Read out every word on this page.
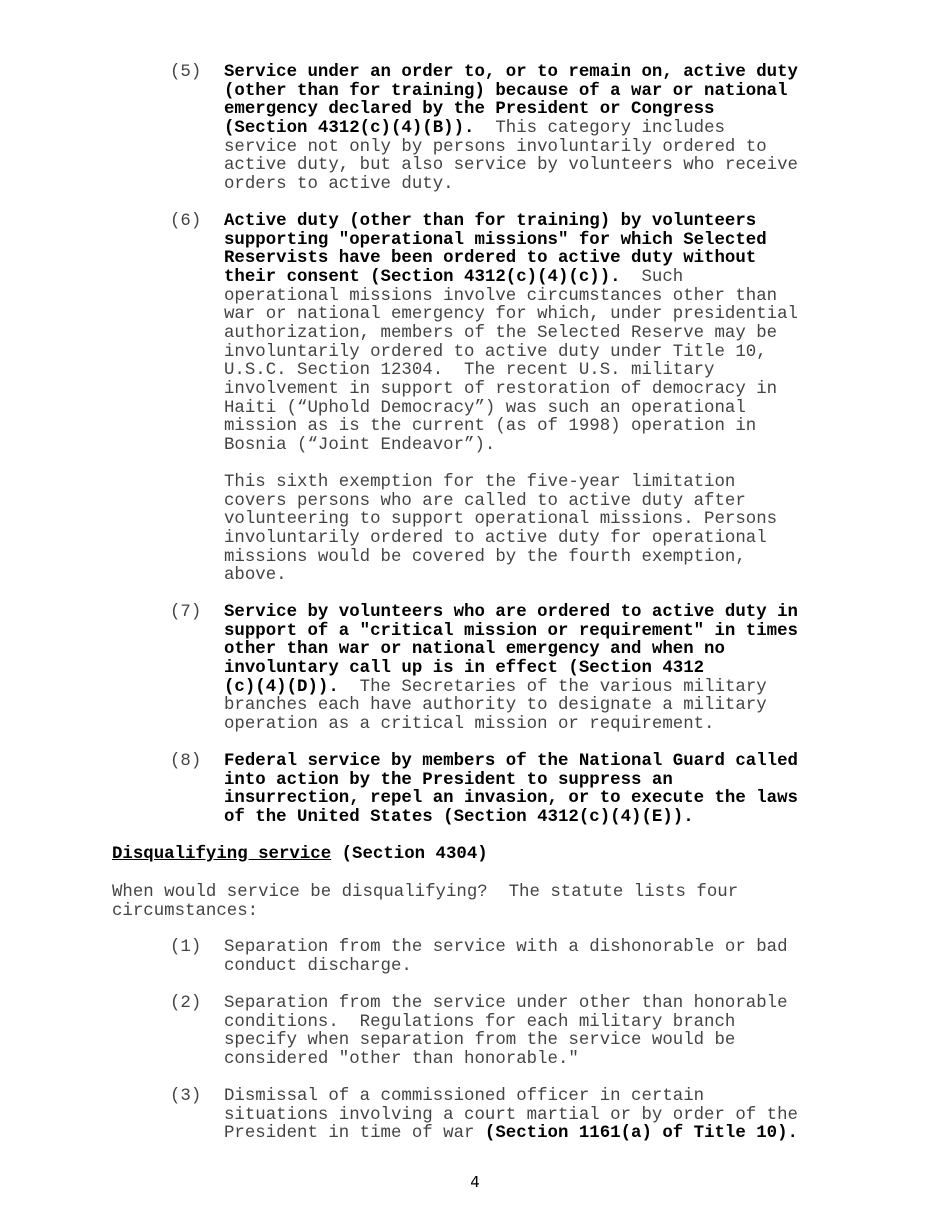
(5)	Service under an order to, or to remain on, active duty
(other than for training) because of a war or national
emergency declared by the President or Congress
(Section 4312(c)(4)(B)).  This category includes
service not only by persons involuntarily ordered to
active duty, but also service by volunteers who receive
orders to active duty.

(6)	Active duty (other than for training) by volunteers
supporting "operational missions" for which Selected
Reservists have been ordered to active duty without
their consent (Section 4312(c)(4)(c)).  Such
operational missions involve circumstances other than
war or national emergency for which, under presidential
authorization, members of the Selected Reserve may be
involuntarily ordered to active duty under Title 10,
U.S.C. Section 12304.  The recent U.S. military
involvement in support of restoration of democracy in
Haiti (“Uphold Democracy”) was such an operational
mission as is the current (as of 1998) operation in
Bosnia (“Joint Endeavor”).

This sixth exemption for the five-year limitation
covers persons who are called to active duty after
volunteering to support operational missions. Persons
involuntarily ordered to active duty for operational
missions would be covered by the fourth exemption,
above.

(7)	Service by volunteers who are ordered to active duty in
support of a "critical mission or requirement" in times
other than war or national emergency and when no
involuntary call up is in effect (Section 4312
(c)(4)(D)).  The Secretaries of the various military
branches each have authority to designate a military
operation as a critical mission or requirement.

(8)	Federal service by members of the National Guard called
into action by the President to suppress an
insurrection, repel an invasion, or to execute the laws
of the United States (Section 4312(c)(4)(E)).

Disqualifying service (Section 4304)

When would service be disqualifying?  The statute lists four
circumstances:

(1)	Separation from the service with a dishonorable or bad
conduct discharge.

(2)	Separation from the service under other than honorable
conditions.  Regulations for each military branch
specify when separation from the service would be
considered "other than honorable."

(3)	Dismissal of a commissioned officer in certain
situations involving a court martial or by order of the
President in time of war (Section 1161(a) of Title 10).

4
